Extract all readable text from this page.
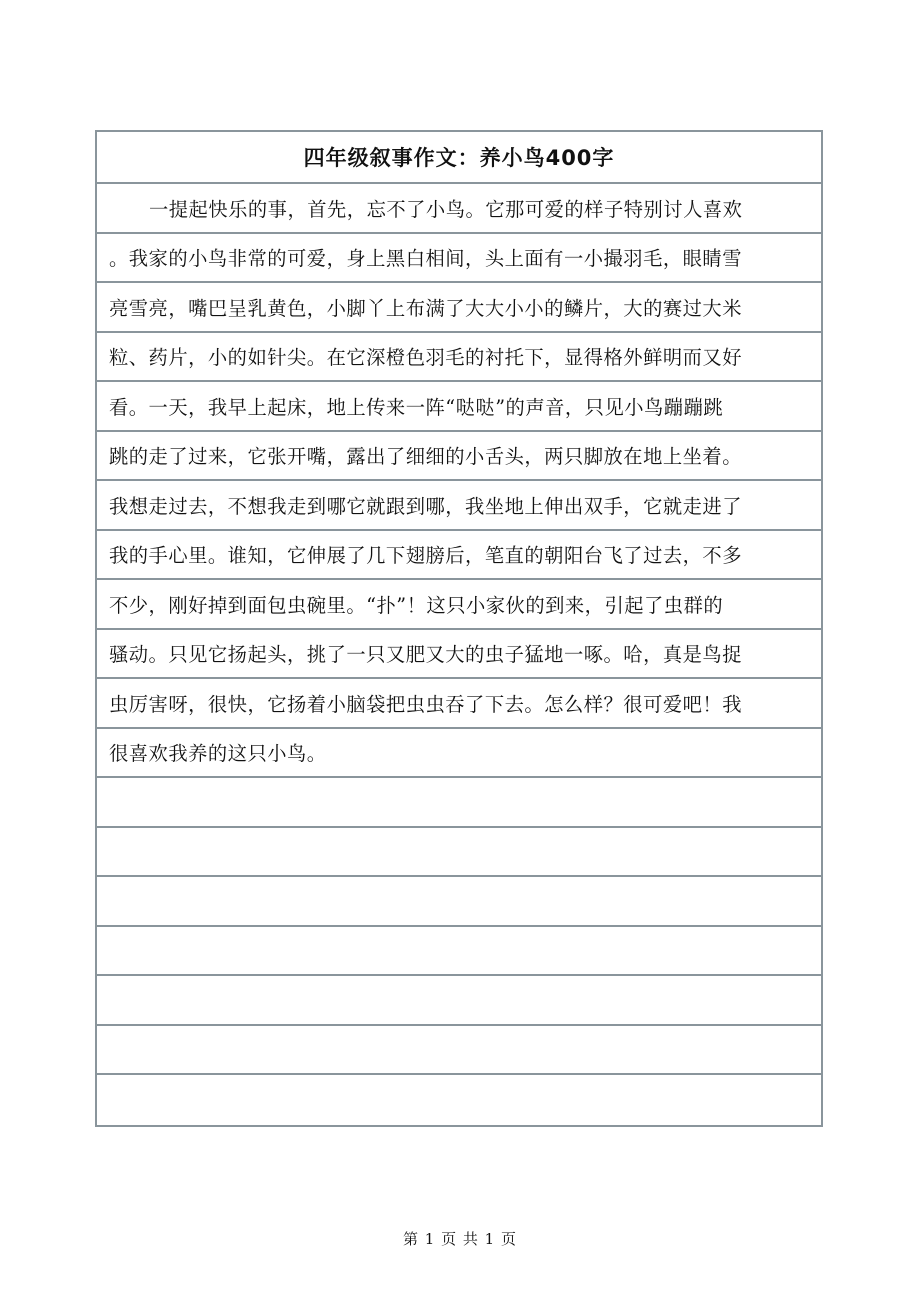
四年级叙事作文：养小鸟400字
一提起快乐的事，首先，忘不了小鸟。它那可爱的样子特别讨人喜欢
。我家的小鸟非常的可爱，身上黑白相间，头上面有一小撮羽毛，眼睛雪
亮雪亮，嘴巴呈乳黄色，小脚丫上布满了大大小小的鳞片，大的赛过大米
粒、药片，小的如针尖。在它深橙色羽毛的衬托下，显得格外鲜明而又好
看。一天，我早上起床，地上传来一阵“哒哒”的声音，只见小鸟蹦蹦跳
跳的走了过来，它张开嘴，露出了细细的小舌头，两只脚放在地上坐着。
我想走过去，不想我走到哪它就跟到哪，我坐地上伸出双手，它就走进了
我的手心里。谁知，它伸展了几下翅膀后，笔直的朝阳台飞了过去，不多
不少，刚好掉到面包虫碗里。“扑”！这只小家伙的到来，引起了虫群的
骚动。只见它扬起头，挑了一只又肥又大的虫子猛地一啄。哈，真是鸟捉
虫厉害呀，很快，它扬着小脑袋把虫虫吞了下去。怎么样？很可爱吧！我
很喜欢我养的这只小鸟。
第 1 页 共 1 页
